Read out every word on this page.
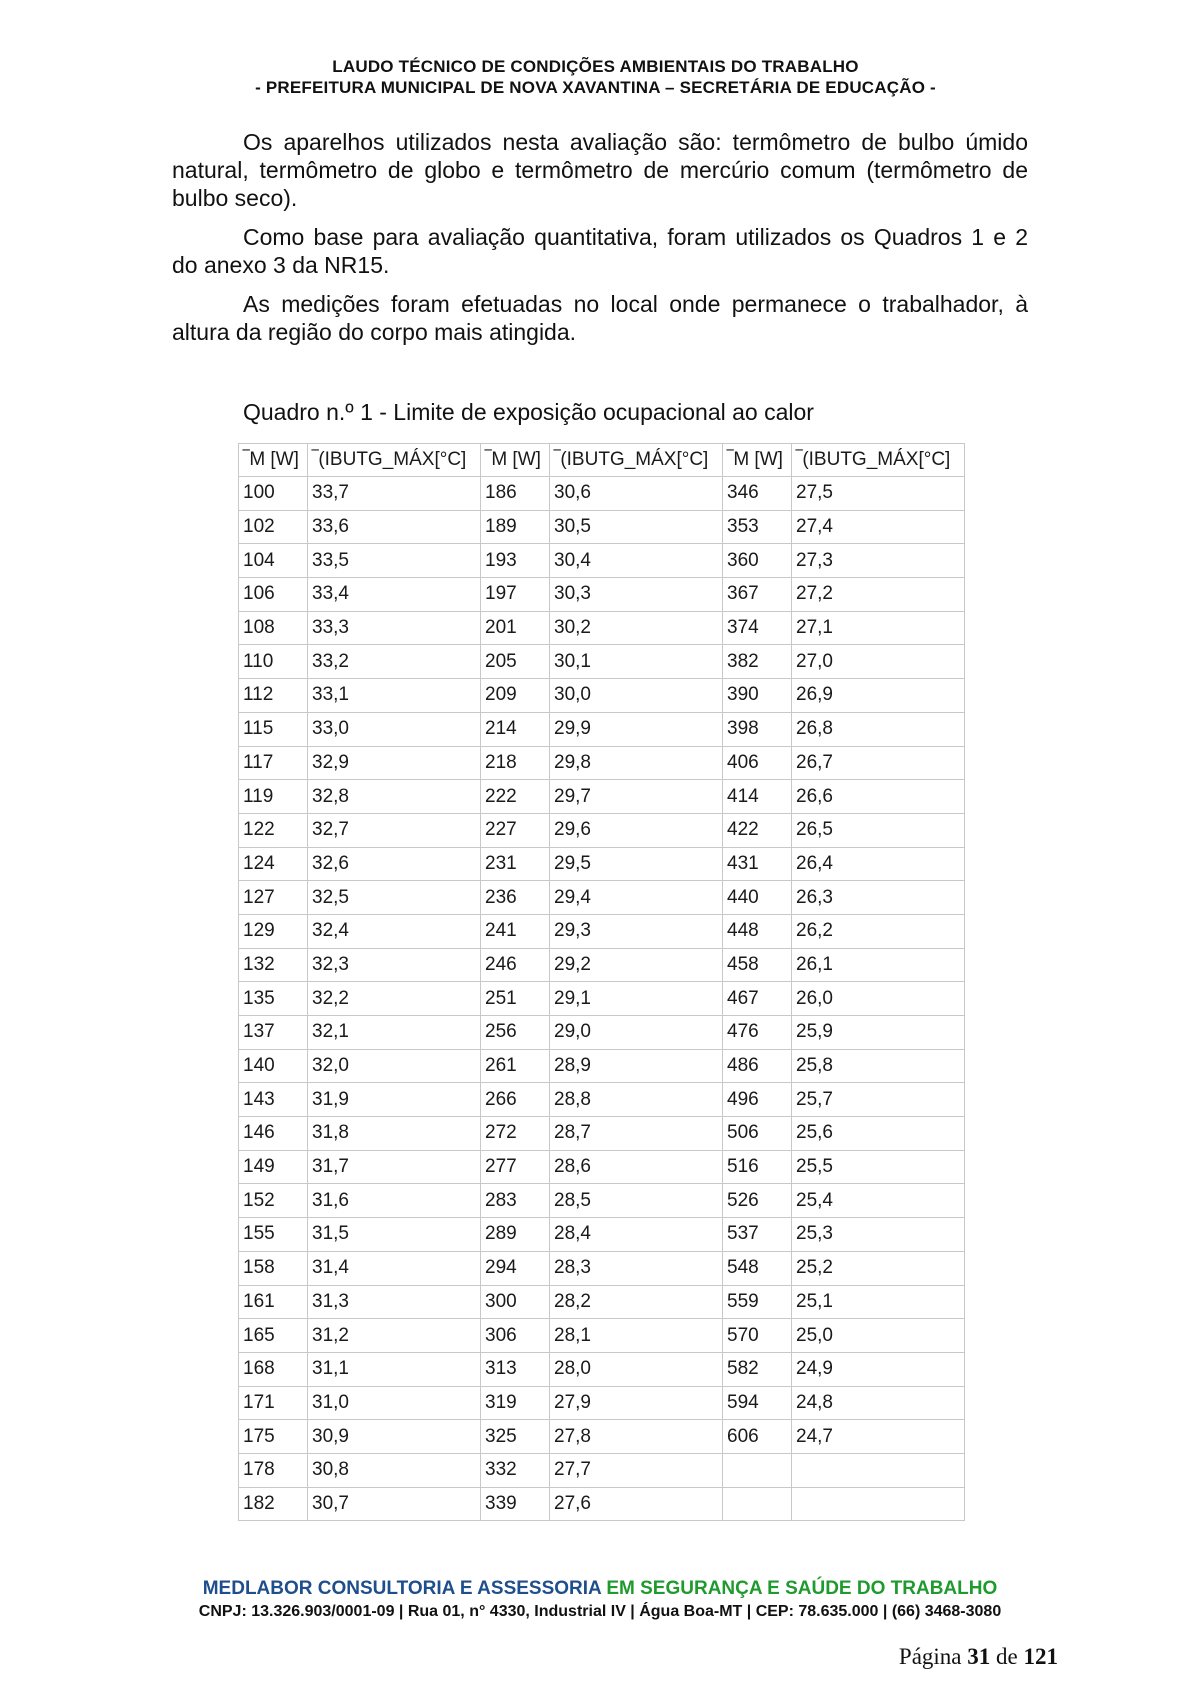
LAUDO TÉCNICO DE CONDIÇÕES AMBIENTAIS DO TRABALHO
- PREFEITURA MUNICIPAL DE NOVA XAVANTINA – SECRETÁRIA DE EDUCAÇÃO -

Os aparelhos utilizados nesta avaliação são: termômetro de bulbo úmido natural, termômetro de globo e termômetro de mercúrio comum (termômetro de bulbo seco).

Como base para avaliação quantitativa, foram utilizados os Quadros 1 e 2 do anexo 3 da NR15.

As medições foram efetuadas no local onde permanece o trabalhador, à altura da região do corpo mais atingida.

Quadro n.º 1 - Limite de exposição ocupacional ao calor
‾M [W]	‾(IBUTG_MÁX[°C]	‾M [W]	‾(IBUTG_MÁX[°C]	‾M [W]	‾(IBUTG_MÁX[°C]
100	33,7	186	30,6	346	27,5
102	33,6	189	30,5	353	27,4
104	33,5	193	30,4	360	27,3
106	33,4	197	30,3	367	27,2
108	33,3	201	30,2	374	27,1
110	33,2	205	30,1	382	27,0
112	33,1	209	30,0	390	26,9
115	33,0	214	29,9	398	26,8
117	32,9	218	29,8	406	26,7
119	32,8	222	29,7	414	26,6
122	32,7	227	29,6	422	26,5
124	32,6	231	29,5	431	26,4
127	32,5	236	29,4	440	26,3
129	32,4	241	29,3	448	26,2
132	32,3	246	29,2	458	26,1
135	32,2	251	29,1	467	26,0
137	32,1	256	29,0	476	25,9
140	32,0	261	28,9	486	25,8
143	31,9	266	28,8	496	25,7
146	31,8	272	28,7	506	25,6
149	31,7	277	28,6	516	25,5
152	31,6	283	28,5	526	25,4
155	31,5	289	28,4	537	25,3
158	31,4	294	28,3	548	25,2
161	31,3	300	28,2	559	25,1
165	31,2	306	28,1	570	25,0
168	31,1	313	28,0	582	24,9
171	31,0	319	27,9	594	24,8
175	30,9	325	27,8	606	24,7
178	30,8	332	27,7		
182	30,7	339	27,6		
MEDLABOR CONSULTORIA E ASSESSORIA EM SEGURANÇA E SAÚDE DO TRABALHO
CNPJ: 13.326.903/0001-09 | Rua 01, n° 4330, Industrial IV | Água Boa-MT | CEP: 78.635.000 | (66) 3468-3080
Página 31 de 121
